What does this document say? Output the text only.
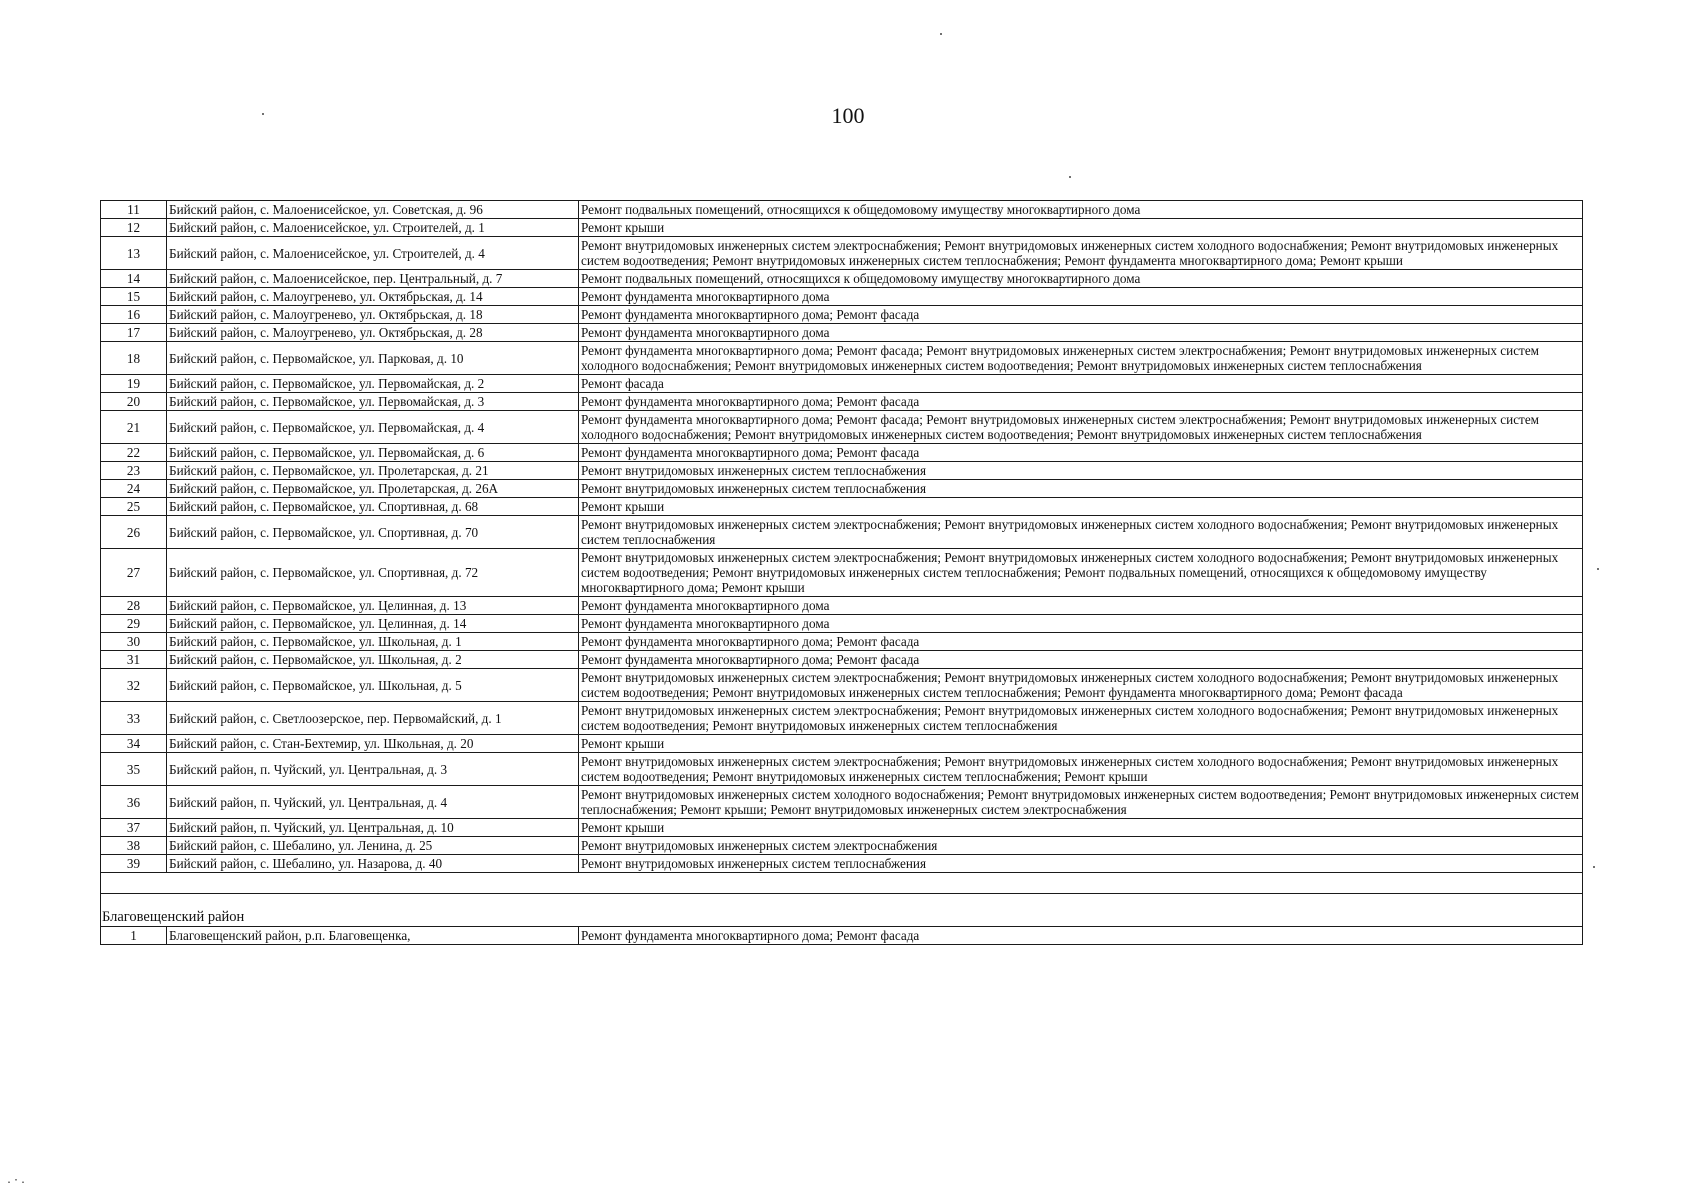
100
11	Бийский район, с. Малоенисейское, ул. Советская, д. 96	Ремонт подвальных помещений, относящихся к общедомовому имуществу многоквартирного дома
12	Бийский район, с. Малоенисейское, ул. Строителей, д. 1	Ремонт крыши
13	Бийский район, с. Малоенисейское, ул. Строителей, д. 4	Ремонт внутридомовых инженерных систем электроснабжения; Ремонт внутридомовых инженерных систем холодного водоснабжения; Ремонт внутридомовых инженерных систем водоотведения; Ремонт внутридомовых инженерных систем теплоснабжения; Ремонт фундамента многоквартирного дома; Ремонт крыши
14	Бийский район, с. Малоенисейское, пер. Центральный, д. 7	Ремонт подвальных помещений, относящихся к общедомовому имуществу многоквартирного дома
15	Бийский район, с. Малоугренево, ул. Октябрьская, д. 14	Ремонт фундамента многоквартирного дома
16	Бийский район, с. Малоугренево, ул. Октябрьская, д. 18	Ремонт фундамента многоквартирного дома; Ремонт фасада
17	Бийский район, с. Малоугренево, ул. Октябрьская, д. 28	Ремонт фундамента многоквартирного дома
18	Бийский район, с. Первомайское, ул. Парковая, д. 10	Ремонт фундамента многоквартирного дома; Ремонт фасада; Ремонт внутридомовых инженерных систем электроснабжения; Ремонт внутридомовых инженерных систем холодного водоснабжения; Ремонт внутридомовых инженерных систем водоотведения; Ремонт внутридомовых инженерных систем теплоснабжения
19	Бийский район, с. Первомайское, ул. Первомайская, д. 2	Ремонт фасада
20	Бийский район, с. Первомайское, ул. Первомайская, д. 3	Ремонт фундамента многоквартирного дома; Ремонт фасада
21	Бийский район, с. Первомайское, ул. Первомайская, д. 4	Ремонт фундамента многоквартирного дома; Ремонт фасада; Ремонт внутридомовых инженерных систем электроснабжения; Ремонт внутридомовых инженерных систем холодного водоснабжения; Ремонт внутридомовых инженерных систем водоотведения; Ремонт внутридомовых инженерных систем теплоснабжения
22	Бийский район, с. Первомайское, ул. Первомайская, д. 6	Ремонт фундамента многоквартирного дома; Ремонт фасада
23	Бийский район, с. Первомайское, ул. Пролетарская, д. 21	Ремонт внутридомовых инженерных систем теплоснабжения
24	Бийский район, с. Первомайское, ул. Пролетарская, д. 26А	Ремонт внутридомовых инженерных систем теплоснабжения
25	Бийский район, с. Первомайское, ул. Спортивная, д. 68	Ремонт крыши
26	Бийский район, с. Первомайское, ул. Спортивная, д. 70	Ремонт внутридомовых инженерных систем электроснабжения; Ремонт внутридомовых инженерных систем холодного водоснабжения; Ремонт внутридомовых инженерных систем теплоснабжения
27	Бийский район, с. Первомайское, ул. Спортивная, д. 72	Ремонт внутридомовых инженерных систем электроснабжения; Ремонт внутридомовых инженерных систем холодного водоснабжения; Ремонт внутридомовых инженерных систем водоотведения; Ремонт внутридомовых инженерных систем теплоснабжения; Ремонт подвальных помещений, относящихся к общедомовому имуществу многоквартирного дома; Ремонт крыши
28	Бийский район, с. Первомайское, ул. Целинная, д. 13	Ремонт фундамента многоквартирного дома
29	Бийский район, с. Первомайское, ул. Целинная, д. 14	Ремонт фундамента многоквартирного дома
30	Бийский район, с. Первомайское, ул. Школьная, д. 1	Ремонт фундамента многоквартирного дома; Ремонт фасада
31	Бийский район, с. Первомайское, ул. Школьная, д. 2	Ремонт фундамента многоквартирного дома; Ремонт фасада
32	Бийский район, с. Первомайское, ул. Школьная, д. 5	Ремонт внутридомовых инженерных систем электроснабжения; Ремонт внутридомовых инженерных систем холодного водоснабжения; Ремонт внутридомовых инженерных систем водоотведения; Ремонт внутридомовых инженерных систем теплоснабжения; Ремонт фундамента многоквартирного дома; Ремонт фасада
33	Бийский район, с. Светлоозерское, пер. Первомайский, д. 1	Ремонт внутридомовых инженерных систем электроснабжения; Ремонт внутридомовых инженерных систем холодного водоснабжения; Ремонт внутридомовых инженерных систем водоотведения; Ремонт внутридомовых инженерных систем теплоснабжения
34	Бийский район, с. Стан-Бехтемир, ул. Школьная, д. 20	Ремонт крыши
35	Бийский район, п. Чуйский, ул. Центральная, д. 3	Ремонт внутридомовых инженерных систем электроснабжения; Ремонт внутридомовых инженерных систем холодного водоснабжения; Ремонт внутридомовых инженерных систем водоотведения; Ремонт внутридомовых инженерных систем теплоснабжения; Ремонт крыши
36	Бийский район, п. Чуйский, ул. Центральная, д. 4	Ремонт внутридомовых инженерных систем холодного водоснабжения; Ремонт внутридомовых инженерных систем водоотведения; Ремонт внутридомовых инженерных систем теплоснабжения; Ремонт крыши; Ремонт внутридомовых инженерных систем электроснабжения
37	Бийский район, п. Чуйский, ул. Центральная, д. 10	Ремонт крыши
38	Бийский район, с. Шебалино, ул. Ленина, д. 25	Ремонт внутридомовых инженерных систем электроснабжения
39	Бийский район, с. Шебалино, ул. Назарова, д. 40	Ремонт внутридомовых инженерных систем теплоснабжения

Благовещенский район		
1	Благовещенский район, р.п. Благовещенка,	Ремонт фундамента многоквартирного дома; Ремонт фасада
.·.
